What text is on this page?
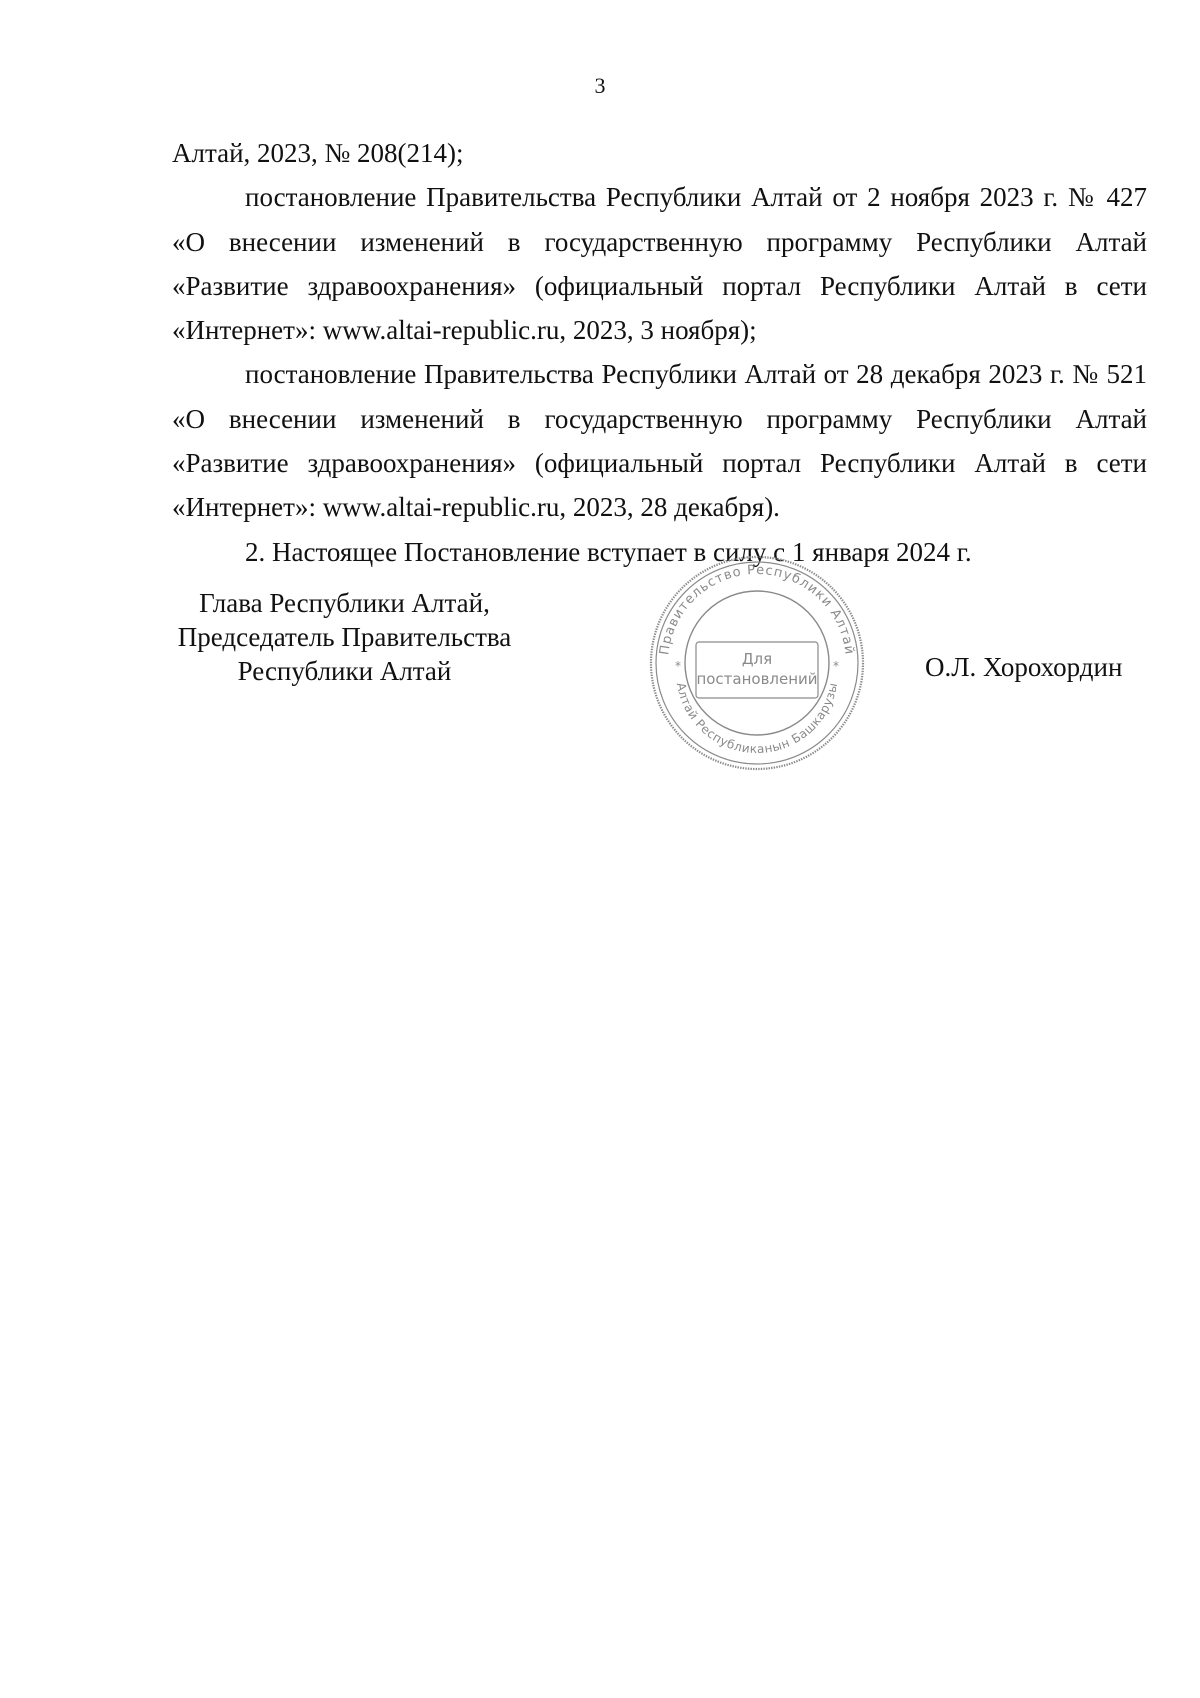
3

Алтай, 2023, № 208(214);

постановление Правительства Республики Алтай от 2 ноября 2023 г. № 427 «О внесении изменений в государственную программу Республики Алтай «Развитие здравоохранения» (официальный портал Республики Алтай в сети «Интернет»: www.altai-republic.ru, 2023, 3 ноября);

постановление Правительства Республики Алтай от 28 декабря 2023 г. № 521 «О внесении изменений в государственную программу Республики Алтай «Развитие здравоохранения» (официальный портал Республики Алтай в сети «Интернет»: www.altai-republic.ru, 2023, 28 декабря).

2. Настоящее Постановление вступает в силу с 1 января 2024 г.

Глава Республики Алтай,
Председатель Правительства
Республики Алтай
Правительство Республики Алтай
Алтай Республиканын Башкарузы
*	*
Для
постановлений	О.Л. Хорохордин
